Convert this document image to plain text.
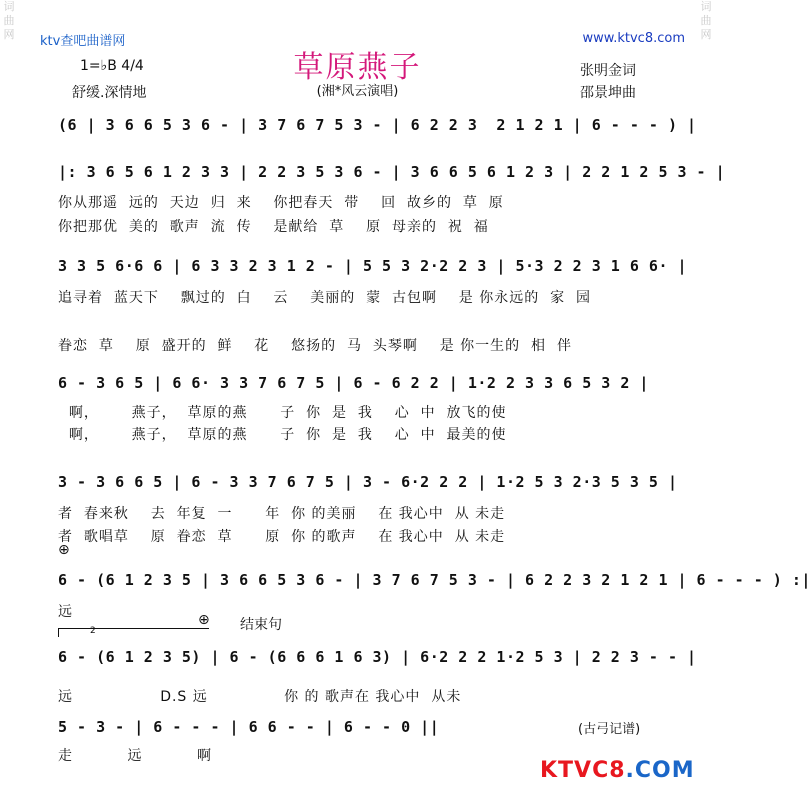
词曲网
词曲网
ktv查吧曲谱网	www.ktvc8.com
草原燕子
(湘*风云演唱)
1=♭B 4/4
舒缓.深情地
张明金词
邵景坤曲
(6 | 3 6 6 5 3 6 - | 3 7 6 7 5 3 - | 6 2 2 3  2 1 2 1 | 6 - - - ) |
|: 3 6 5 6 1 2 3 3 | 2 2 3 5 3 6 - | 3 6 6 5 6 1 2 3 | 2 2 1 2 5 3 - |
你从那遥  远的  天边  归  来    你把春天  带    回  故乡的  草  原
你把那优  美的  歌声  流  传    是献给  草    原  母亲的  祝  福
3 3 5 6·6 6 | 6 3 3 2 3 1 2 - | 5 5 3 2·2 2 3 | 5·3 2 2 3 1 6 6· |
追寻着  蓝天下    飘过的  白    云    美丽的  蒙  古包啊    是 你永远的  家  园
眷恋  草    原  盛开的  鲜    花    悠扬的  马  头琴啊    是 你一生的  相  伴
6 - 3 6 5 | 6 6· 3 3 7 6 7 5 | 6 - 6 2 2 | 1·2 2 3 3 6 5 3 2 |
啊，      燕子，  草原的燕      子  你  是  我    心  中  放飞的使
啊，      燕子，  草原的燕      子  你  是  我    心  中  最美的使
3 - 3 6 6 5 | 6 - 3 3 7 6 7 5 | 3 - 6·2 2 2 | 1·2 5 3 2·3 5 3 5 |
者  春来秋    去  年复  一      年  你 的美丽    在 我心中  从 未走
者  歌唱草    原  眷恋  草      原  你 的歌声    在 我心中  从 未走
6 - (6 1 2 3 5 | 3 6 6 5 3 6 - | 3 7 6 7 5 3 - | 6 2 2 3 2 1 2 1 | 6 - - - ) :|
远
6 - (6 1 2 3 5) | 6 - (6 6 6 1 6 3) | 6·2 2 2 1·2 5 3 | 2 2 3 - - |
远                D.S 远              你 的 歌声在 我心中  从未
5 - 3 - | 6 - - - | 6 6 - - | 6 - - 0 ||
走          远          啊
⊕
⊕
2	结束句
(古弓记谱)
KTVC8.COM
